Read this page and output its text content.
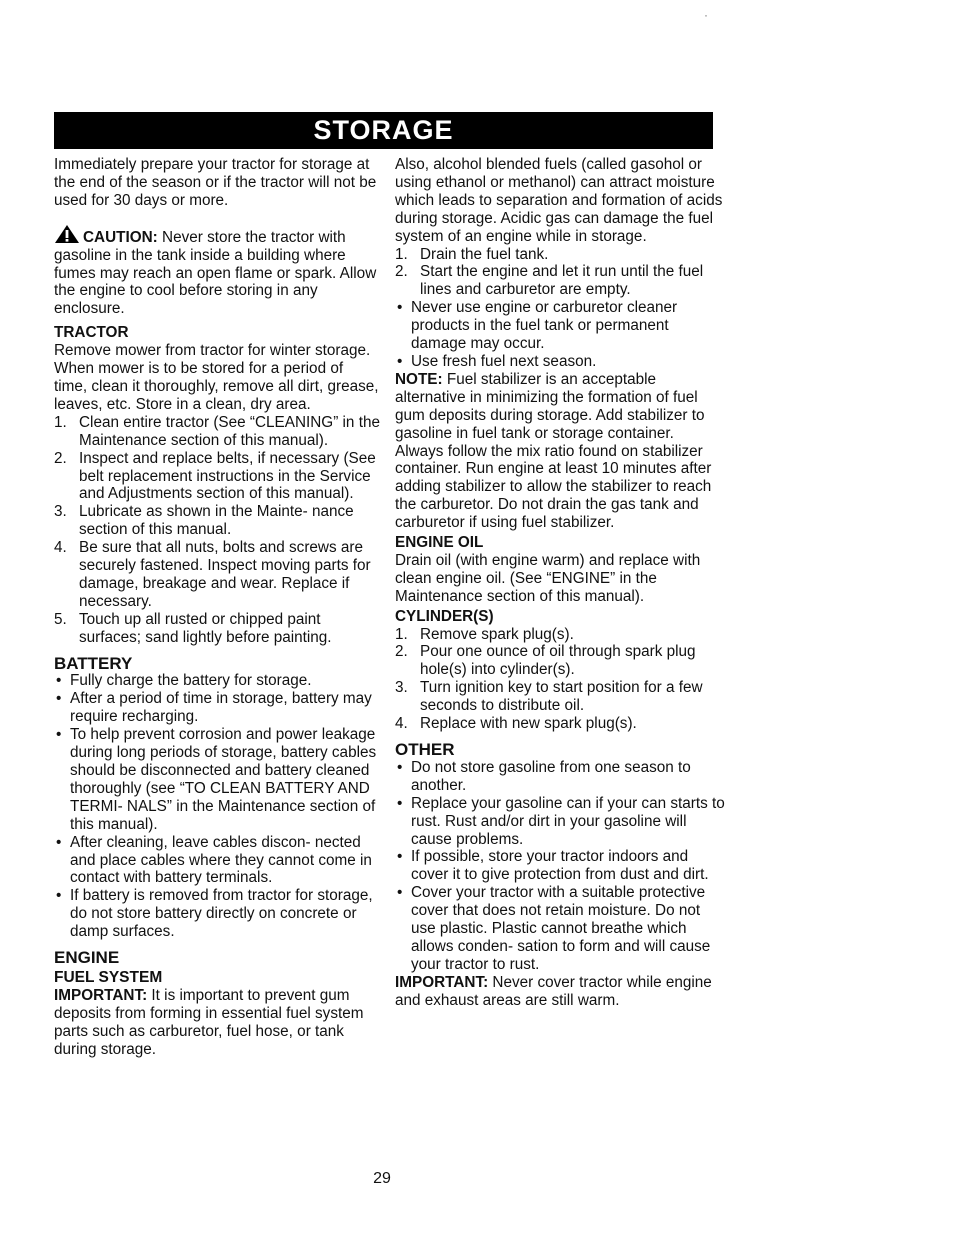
·
STORAGE

Immediately prepare your tractor for storage at the end of the season or if the tractor will not be used for 30 days or more.

CAUTION: Never store the tractor with gasoline in the tank inside a building where fumes may reach an open flame or spark. Allow the engine to cool before storing in any enclosure.

TRACTOR

Remove mower from tractor for winter storage. When mower is to be stored for a period of time, clean it thoroughly, remove all dirt, grease, leaves, etc. Store in a clean, dry area.

1. Clean entire tractor (See “CLEANING” in the Maintenance section of this manual).
2. Inspect and replace belts, if necessary (See belt replacement instructions in the Service and Adjustments section of this manual).
3. Lubricate as shown in the Mainte- nance section of this manual.
4. Be sure that all nuts, bolts and screws are securely fastened. Inspect moving parts for damage, breakage and wear. Replace if necessary.
5. Touch up all rusted or chipped paint surfaces; sand lightly before painting.
BATTERY
• Fully charge the battery for storage.
• After a period of time in storage, battery may require recharging.
• To help prevent corrosion and power leakage during long periods of storage, battery cables should be disconnected and battery cleaned thoroughly (see “TO CLEAN BATTERY AND TERMI- NALS” in the Maintenance section of this manual).
• After cleaning, leave cables discon- nected and place cables where they cannot come in contact with battery terminals.
• If battery is removed from tractor for storage, do not store battery directly on concrete or damp surfaces.
ENGINE
FUEL SYSTEM

IMPORTANT: It is important to prevent gum deposits from forming in essential fuel system parts such as carburetor, fuel hose, or tank during storage.

Also, alcohol blended fuels (called gasohol or using ethanol or methanol) can attract moisture which leads to separation and formation of acids during storage. Acidic gas can damage the fuel system of an engine while in storage.

1. Drain the fuel tank.
2. Start the engine and let it run until the fuel lines and carburetor are empty.
• Never use engine or carburetor cleaner products in the fuel tank or permanent damage may occur.
• Use fresh fuel next season.

NOTE: Fuel stabilizer is an acceptable alternative in minimizing the formation of fuel gum deposits during storage. Add stabilizer to gasoline in fuel tank or storage container. Always follow the mix ratio found on stabilizer container. Run engine at least 10 minutes after adding stabilizer to allow the stabilizer to reach the carburetor. Do not drain the gas tank and carburetor if using fuel stabilizer.

ENGINE OIL

Drain oil (with engine warm) and replace with clean engine oil. (See “ENGINE” in the Maintenance section of this manual).

CYLINDER(S)
1. Remove spark plug(s).
2. Pour one ounce of oil through spark plug hole(s) into cylinder(s).
3. Turn ignition key to start position for a few seconds to distribute oil.
4. Replace with new spark plug(s).
OTHER
• Do not store gasoline from one season to another.
• Replace your gasoline can if your can starts to rust. Rust and/or dirt in your gasoline will cause problems.
• If possible, store your tractor indoors and cover it to give protection from dust and dirt.
• Cover your tractor with a suitable protective cover that does not retain moisture. Do not use plastic. Plastic cannot breathe which allows conden- sation to form and will cause your tractor to rust.

IMPORTANT: Never cover tractor while engine and exhaust areas are still warm.

29
